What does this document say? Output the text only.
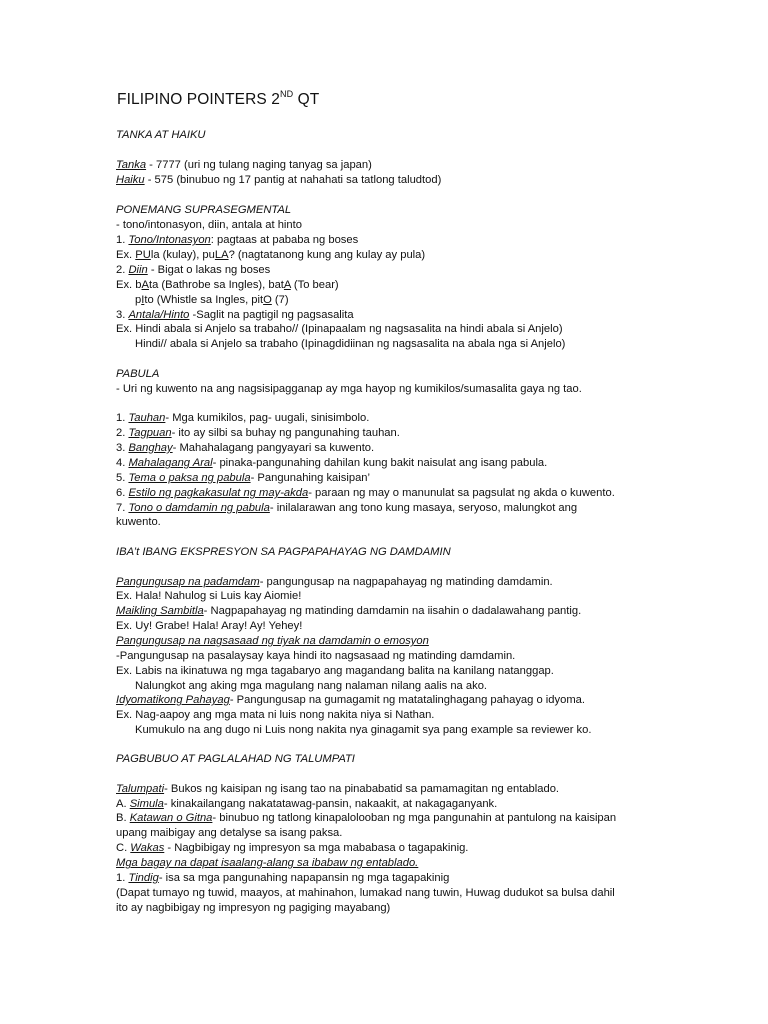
FILIPINO POINTERS 2ND QT
TANKA AT HAIKU
Tanka - 7777 (uri ng tulang naging tanyag sa japan)
Haiku - 575 (binubuo ng 17 pantig at nahahati sa tatlong taludtod)
PONEMANG SUPRASEGMENTAL
- tono/intonasyon, diin, antala at hinto
1. Tono/Intonasyon: pagtaas at pababa ng boses
Ex. PUla (kulay), puLA? (nagtatanong kung ang kulay ay pula)
2. Diin - Bigat o lakas ng boses
Ex. bAta (Bathrobe sa Ingles), batA (To bear)
pIto (Whistle sa Ingles, pitO (7)
3. Antala/Hinto -Saglit na pagtigil ng pagsasalita
Ex. Hindi abala si Anjelo sa trabaho// (Ipinapaalam ng nagsasalita na hindi abala si Anjelo)
Hindi// abala si Anjelo sa trabaho (Ipinagdidiinan ng nagsasalita na abala nga si Anjelo)
PABULA
- Uri ng kuwento na ang nagsisipagganap ay mga hayop ng kumikilos/sumasalita gaya ng tao.
1. Tauhan- Mga kumikilos, pag- uugali, sinisimbolo.
2. Tagpuan- ito ay silbi sa buhay ng pangunahing tauhan.
3. Banghay- Mahahalagang pangyayari sa kuwento.
4. Mahalagang Aral- pinaka-pangunahing dahilan kung bakit naisulat ang isang pabula.
5. Tema o paksa ng pabula- Pangunahing kaisipan’
6. Estilo ng pagkakasulat ng may-akda- paraan ng may o manunulat sa pagsulat ng akda o kuwento.
7. Tono o damdamin ng pabula- inilalarawan ang tono kung masaya, seryoso, malungkot ang
kuwento.
IBA’t IBANG EKSPRESYON SA PAGPAPAHAYAG NG DAMDAMIN
Pangungusap na padamdam- pangungusap na nagpapahayag ng matinding damdamin.
Ex. Hala! Nahulog si Luis kay Aiomie!
Maikling Sambitla- Nagpapahayag ng matinding damdamin na iisahin o dadalawahang pantig.
Ex. Uy! Grabe! Hala! Aray! Ay! Yehey!
Pangungusap na nagsasaad ng tiyak na damdamin o emosyon
-Pangungusap na pasalaysay kaya hindi ito nagsasaad ng matinding damdamin.
Ex. Labis na ikinatuwa ng mga tagabaryo ang magandang balita na kanilang natanggap.
Nalungkot ang aking mga magulang nang nalaman nilang aalis na ako.
Idyomatikong Pahayag- Pangungusap na gumagamit ng matatalinghagang pahayag o idyoma.
Ex. Nag-aapoy ang mga mata ni luis nong nakita niya si Nathan.
Kumukulo na ang dugo ni Luis nong nakita nya ginagamit sya pang example sa reviewer ko.
PAGBUBUO AT PAGLALAHAD NG TALUMPATI
Talumpati- Bukos ng kaisipan ng isang tao na pinababatid sa pamamagitan ng entablado.
A. Simula- kinakailangang nakatatawag-pansin, nakaakit, at nakagaganyank.
B. Katawan o Gitna- binubuo ng tatlong kinapalolooban ng mga pangunahin at pantulong na kaisipan
upang maibigay ang detalyse sa isang paksa.
C. Wakas - Nagbibigay ng impresyon sa mga mababasa o tagapakinig.
Mga bagay na dapat isaalang-alang sa ibabaw ng entablado.
1. Tindig- isa sa mga pangunahing napapansin ng mga tagapakinig
(Dapat tumayo ng tuwid, maayos, at mahinahon, lumakad nang tuwin, Huwag dudukot sa bulsa dahil
ito ay nagbibigay ng impresyon ng pagiging mayabang)
